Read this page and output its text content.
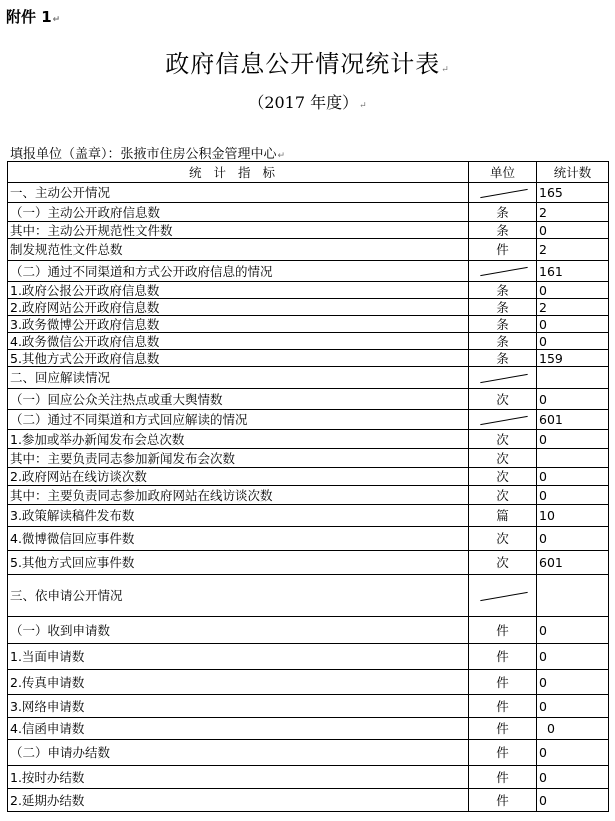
附件 1↵
政府信息公开情况统计表↵
（2017 年度）↵
填报单位（盖章）：张掖市住房公积金管理中心↵
统计指标	单位	统计数
一、主动公开情况		165
（一）主动公开政府信息数	条	2
其中：主动公开规范性文件数	条	0
制发规范性文件总数	件	2
（二）通过不同渠道和方式公开政府信息的情况		161
1.政府公报公开政府信息数	条	0
2.政府网站公开政府信息数	条	2
3.政务微博公开政府信息数	条	0
4.政务微信公开政府信息数	条	0
5.其他方式公开政府信息数	条	159
二、回应解读情况	

（一）回应公众关注热点或重大舆情数	次	0
（二）通过不同渠道和方式回应解读的情况		601
1.参加或举办新闻发布会总次数	次	0
其中：主要负责同志参加新闻发布会次数	次	
2.政府网站在线访谈次数	次	0
其中：主要负责同志参加政府网站在线访谈次数	次	0
3.政策解读稿件发布数	篇	10
4.微博微信回应事件数	次	0
5.其他方式回应事件数	次	601
三、依申请公开情况	

（一）收到申请数	件	0
1.当面申请数	件	0
2.传真申请数	件	0
3.网络申请数	件	0
4.信函申请数	件	0
（二）申请办结数	件	0
1.按时办结数	件	0
2.延期办结数	件	0
